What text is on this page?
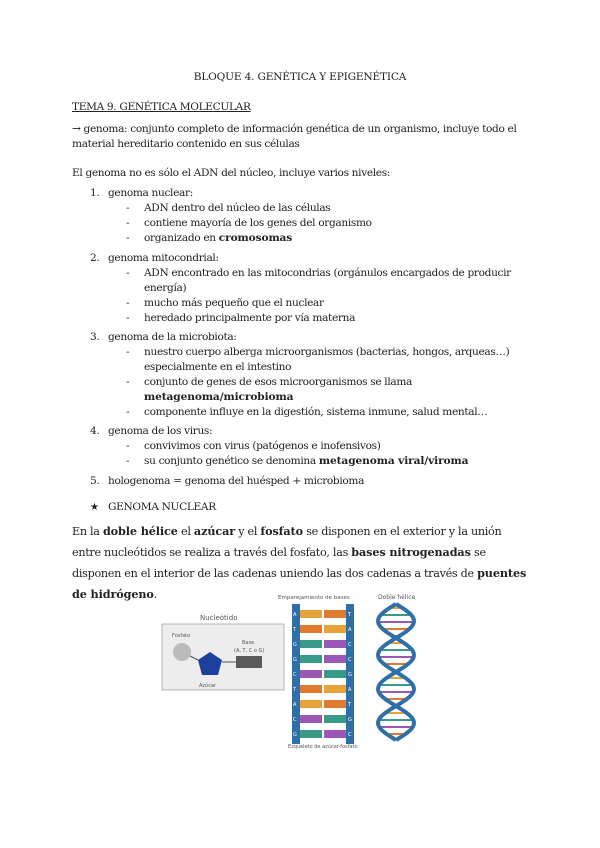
BLOQUE 4. GENÉTICA Y EPIGENÉTICA
TEMA 9. GENÉTICA MOLECULAR
→ genoma: conjunto completo de información genética de un organismo, incluye todo el material hereditario contenido en sus células
El genoma no es sólo el ADN del núcleo, incluye varios niveles:
1. genoma nuclear:
- ADN dentro del núcleo de las células
- contiene mayoría de los genes del organismo
- organizado en cromosomas
2. genoma mitocondrial:
- ADN encontrado en las mitocondrias (orgánulos encargados de producir energía)
- mucho más pequeño que el nuclear
- heredado principalmente por vía materna
3. genoma de la microbiota:
- nuestro cuerpo alberga microorganismos (bacterias, hongos, arqueas…) especialmente en el intestino
- conjunto de genes de esos microorganismos se llama metagenoma/microbioma
- componente influye en la digestión, sistema inmune, salud mental…
4. genoma de los virus:
- convivimos con virus (patógenos e inofensivos)
- su conjunto genético se denomina metagenoma viral/viroma
5. hologenoma = genoma del huésped + microbioma
★ GENOMA NUCLEAR
En la doble hélice el azúcar y el fosfato se disponen en el exterior y la unión entre nucleótidos se realiza a través del fosfato, las bases nitrogenadas se disponen en el interior de las cadenas uniendo las dos cadenas a través de puentes de hidrógeno.
Nucleótido
Fosfato
Azúcar
Base
(A, T, C o G)
Emparejamiento de bases
A	T
T	A
G	C
G	C
C	G
T	A
A	T
C	G
G	C
Doble hélice
Esqueleto de azúcar-fosfato
